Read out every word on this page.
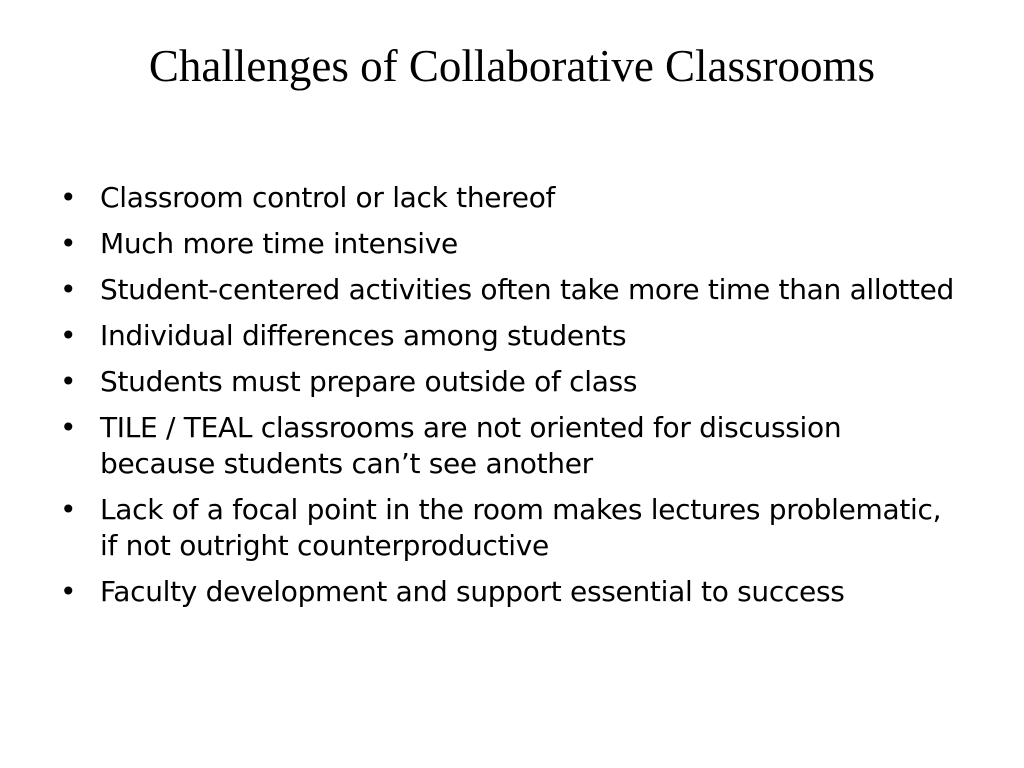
Challenges of Collaborative Classrooms
• Classroom control or lack thereof
• Much more time intensive
• Student-centered activities often take more time than allotted
• Individual differences among students
• Students must prepare outside of class
• TILE / TEAL classrooms are not oriented for discussion because students can’t see another
• Lack of a focal point in the room makes lectures problematic, if not outright counterproductive
• Faculty development and support essential to success
